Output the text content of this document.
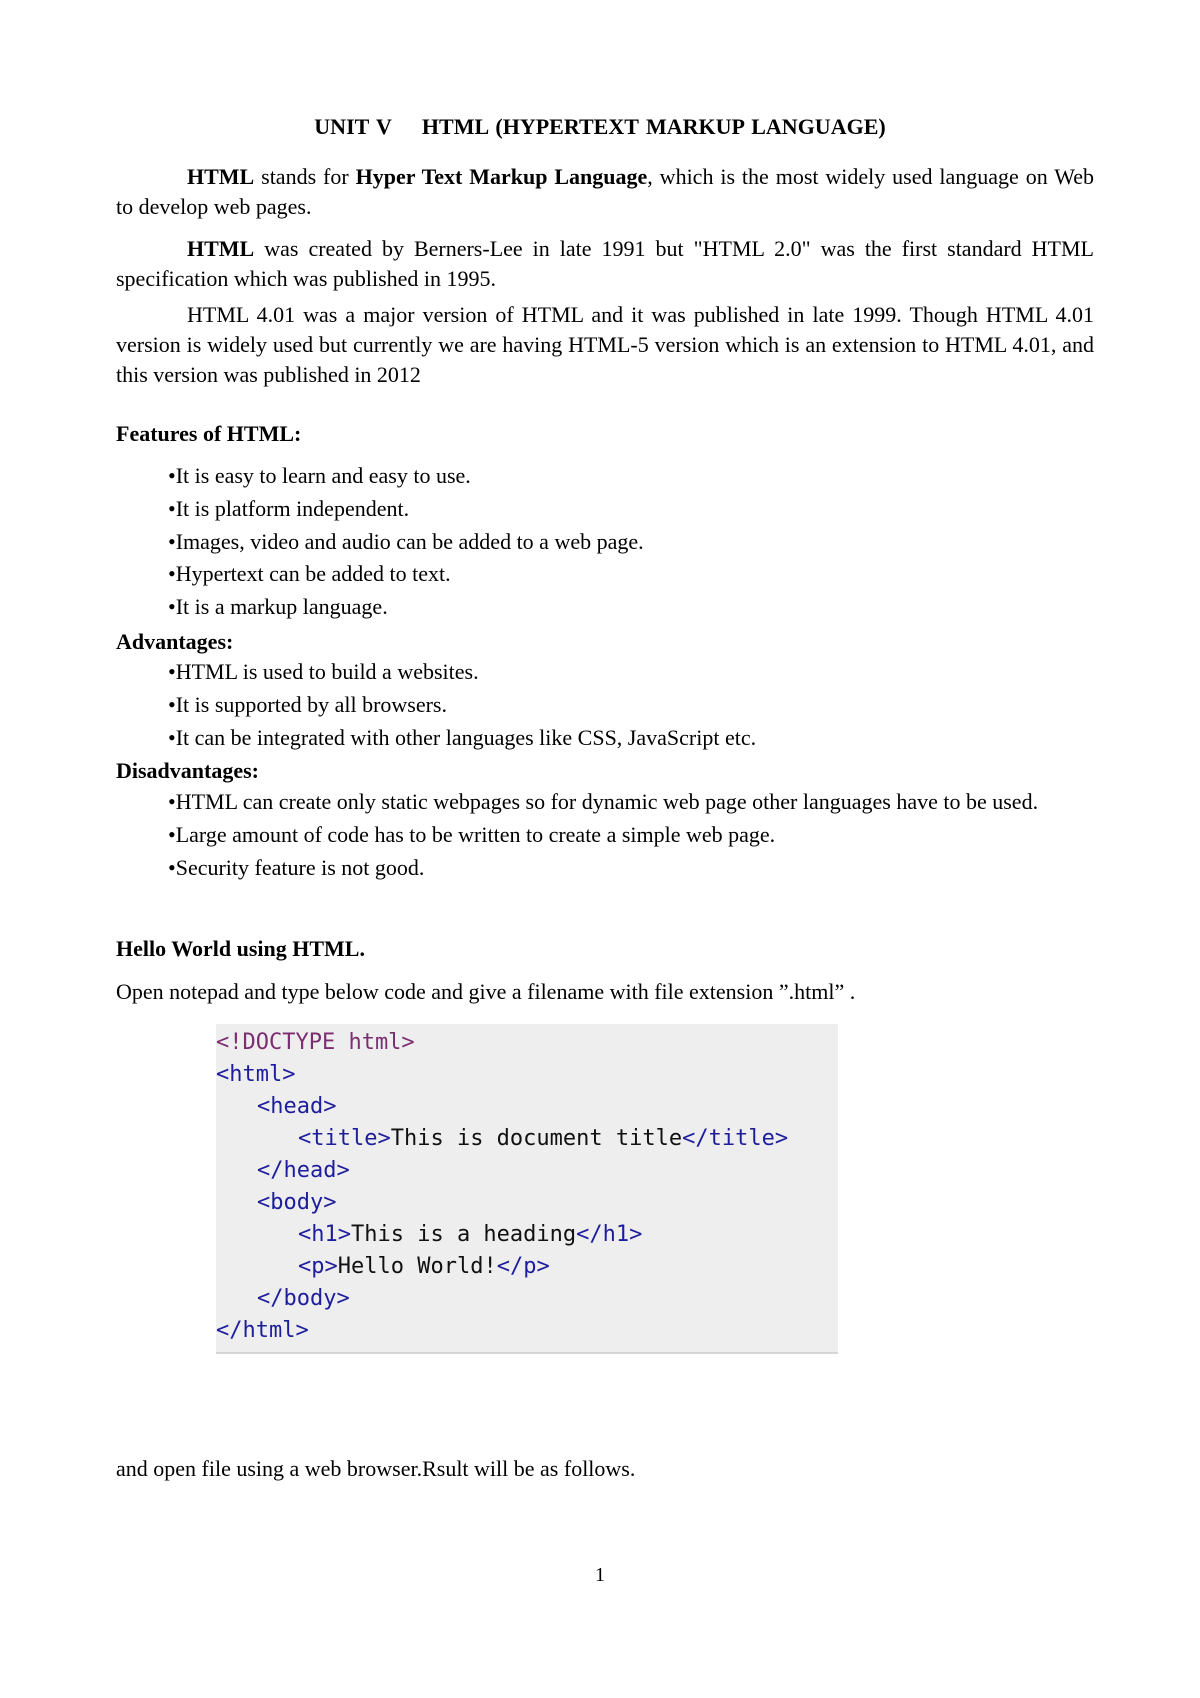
UNIT V HTML (HYPERTEXT MARKUP LANGUAGE)
HTML stands for Hyper Text Markup Language, which is the most widely used language on Web to develop web pages.
HTML was created by Berners-Lee in late 1991 but "HTML 2.0" was the first standard HTML specification which was published in 1995.
HTML 4.01 was a major version of HTML and it was published in late 1999. Though HTML 4.01 version is widely used but currently we are having HTML-5 version which is an extension to HTML 4.01, and this version was published in 2012
Features of HTML:
•It is easy to learn and easy to use.
•It is platform independent.
•Images, video and audio can be added to a web page.
•Hypertext can be added to text.
•It is a markup language.
Advantages:
•HTML is used to build a websites.
•It is supported by all browsers.
•It can be integrated with other languages like CSS, JavaScript etc.
Disadvantages:
•HTML can create only static webpages so for dynamic web page other languages have to be used.
•Large amount of code has to be written to create a simple web page.
•Security feature is not good.
Hello World using HTML.
Open notepad and type below code and give a filename with file extension ”.html” .
<!DOCTYPE html>
<html>
<head>
<title>This is document title</title>
</head>
<body>
<h1>This is a heading</h1>
<p>Hello World!</p>
</body>
</html>
and open file using a web browser.Rsult will be as follows.
1
